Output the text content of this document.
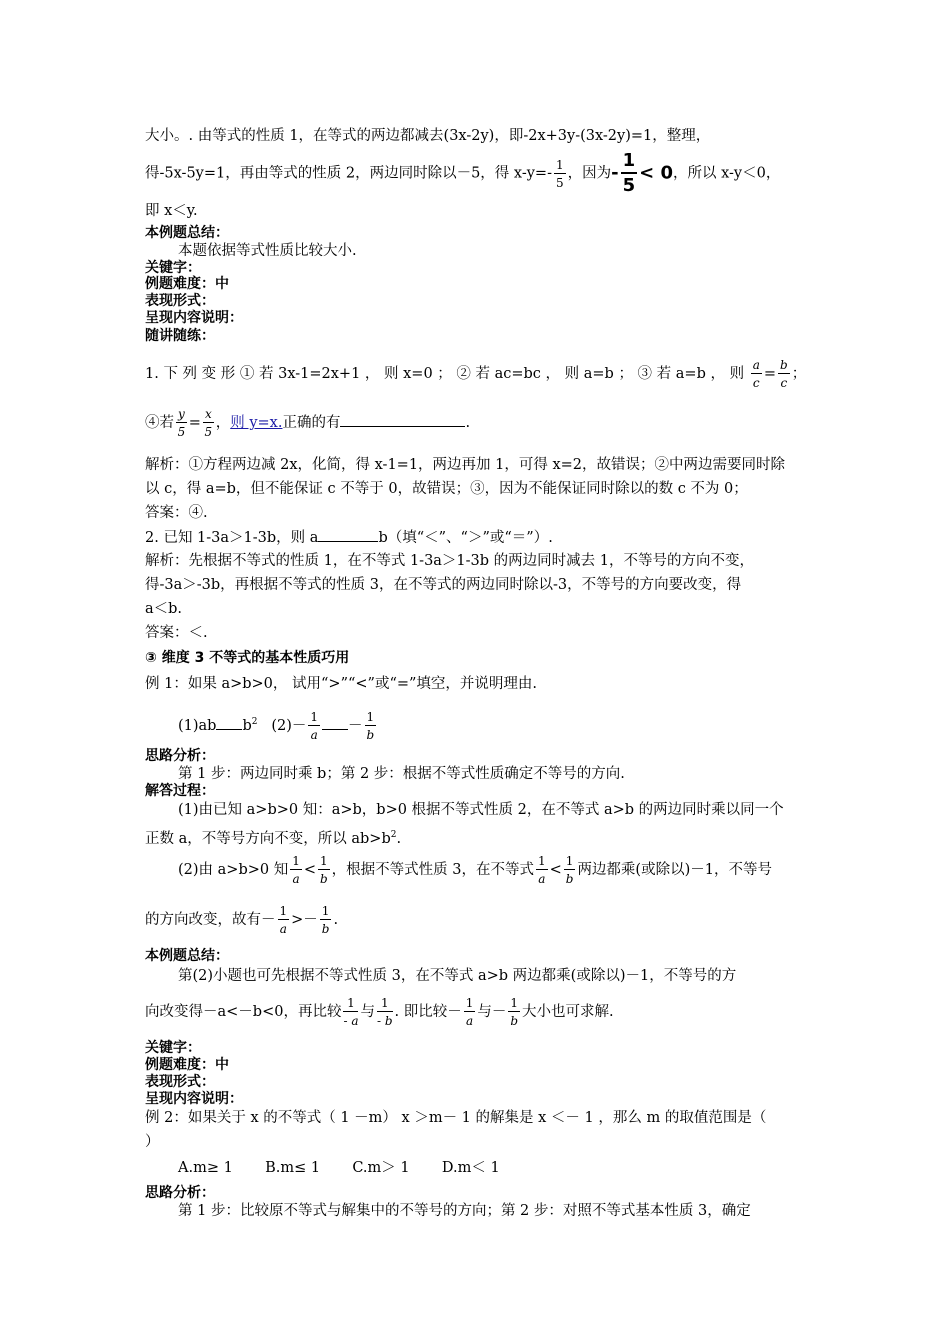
大小。. 由等式的性质 1，在等式的两边都减去(3x-2y)，即-2x+3y-(3x-2y)=1，整理，
得-5x-5y=1，再由等式的性质 2，两边同时除以－5，得 $x-y=- \frac{1}{5}$ ，因为- $\frac{1}{5} < 0$，所以 x-y＜0，
即 x＜y.
本例题总结：
本题依据等式性质比较大小.
关键字：
例题难度：中
表现形式：
呈现内容说明：
随讲随练：
1. 下 列 变 形 ① 若 3x-1=2x+1 ， 则 x=0 ； ② 若 ac=bc ， 则 a=b ； ③ 若 a=b ， 则 $\frac{a}{c} = \frac{b}{c}$ ；
④若 $\frac{y}{5} = \frac{x}{5}$ ，则 y=x.正确的有	.
解析：①方程两边减 2x，化简，得 x-1=1，两边再加 1，可得 x=2，故错误；②中两边需要同时除
以 c，得 a=b，但不能保证 c 不等于 0，故错误；③，因为不能保证同时除以的数 c 不为 0；
答案：④.
2. 已知 1-3a＞1-3b，则 a	b（填“＜”、“＞”或“＝”）.
解析：先根据不等式的性质 1，在不等式 1-3a＞1-3b 的两边同时减去 1，不等号的方向不变，
得-3a＞-3b，再根据不等式的性质 3，在不等式的两边同时除以-3，不等号的方向要改变，得
a＜b.
答案：＜.
③ 维度 3 不等式的基本性质巧用
例 1：如果 a>b>0， 试用“>”“<”或“=”填空，并说明理由.
(1)ab $b^2$ $(2)- \frac{1}{a} - \frac{1}{b}$
思路分析：
第 1 步：两边同时乘 b；第 2 步：根据不等式性质确定不等号的方向.
解答过程：
(1)由已知 a>b>0 知：a>b，b>0 根据不等式性质 2，在不等式 a>b 的两边同时乘以同一个
正数 a，不等号方向不变，所以 $ab>b^2$.
(2)由 a>b>0 知 $\frac{1}{a} < \frac{1}{b}$ ，根据不等式性质 3，在不等式 $\frac{1}{a} < \frac{1}{b}$ 两边都乘(或除以)－1，不等号
的方向改变，故有－ $\frac{1}{a} >- \frac{1}{b}$ .
本例题总结：
第(2)小题也可先根据不等式性质 3，在不等式 a>b 两边都乘(或除以)－1，不等号的方
向改变得－a<－b<0，再比较 $\frac{1}{- a}$ 与 $\frac{1}{- b}$ . 即比较－ $\frac{1}{a}$ 与－ $\frac{1}{b}$ 大小也可求解.
关键字：
例题难度：中
表现形式：
呈现内容说明：
例 2：如果关于 x 的不等式（ 1 －m） x ＞m－ 1 的解集是 x ＜－ 1 ，那么 m 的取值范围是（
）
A.m≥ 1       B.m≤ 1       C.m＞ 1       D.m＜ 1
思路分析：
第 1 步：比较原不等式与解集中的不等号的方向；第 2 步：对照不等式基本性质 3，确定
